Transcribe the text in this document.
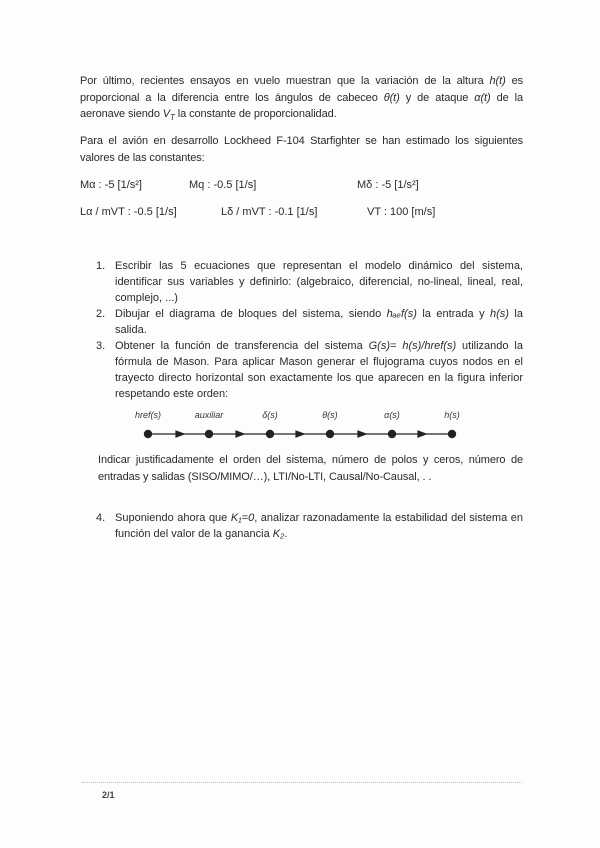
Por último, recientes ensayos en vuelo muestran que la variación de la altura h(t) es proporcional a la diferencia entre los ángulos de cabeceo θ(t) y de ataque α(t) de la aeronave siendo $V_T$ la constante de proporcionalidad.
Para el avión en desarrollo Lockheed F-104 Starfighter se han estimado los siguientes valores de las constantes:
Mα : -5 [1/s²]	Mq : -0.5 [1/s]	Mδ : -5 [1/s²]
Lα / mVT : -0.5 [1/s]	Lδ / mVT : -0.1 [1/s]	VT : 100 [m/s]
1. Escribir las 5 ecuaciones que representan el modelo dinámico del sistema, identificar sus variables y definirlo: (algebraico, diferencial, no-lineal, lineal, real, complejo, ...)
2. Dibujar el diagrama de bloques del sistema, siendo hₐₑf(s) la entrada y h(s) la salida.
3. Obtener la función de transferencia del sistema G(s)= h(s)/href(s) utilizando la fórmula de Mason. Para aplicar Mason generar el flujograma cuyos nodos en el trayecto directo horizontal son exactamente los que aparecen en la figura inferior respetando este orden:
href(s)	auxiliar	δ(s)	θ(s)	α(s)	h(s)
Indicar justificadamente el orden del sistema, número de polos y ceros, número de entradas y salidas (SISO/MIMO/…), LTI/No-LTI, Causal/No-Causal, . .
4. Suponiendo ahora que K₁=0, analizar razonadamente la estabilidad del sistema en función del valor de la ganancia K₂.
2/1
